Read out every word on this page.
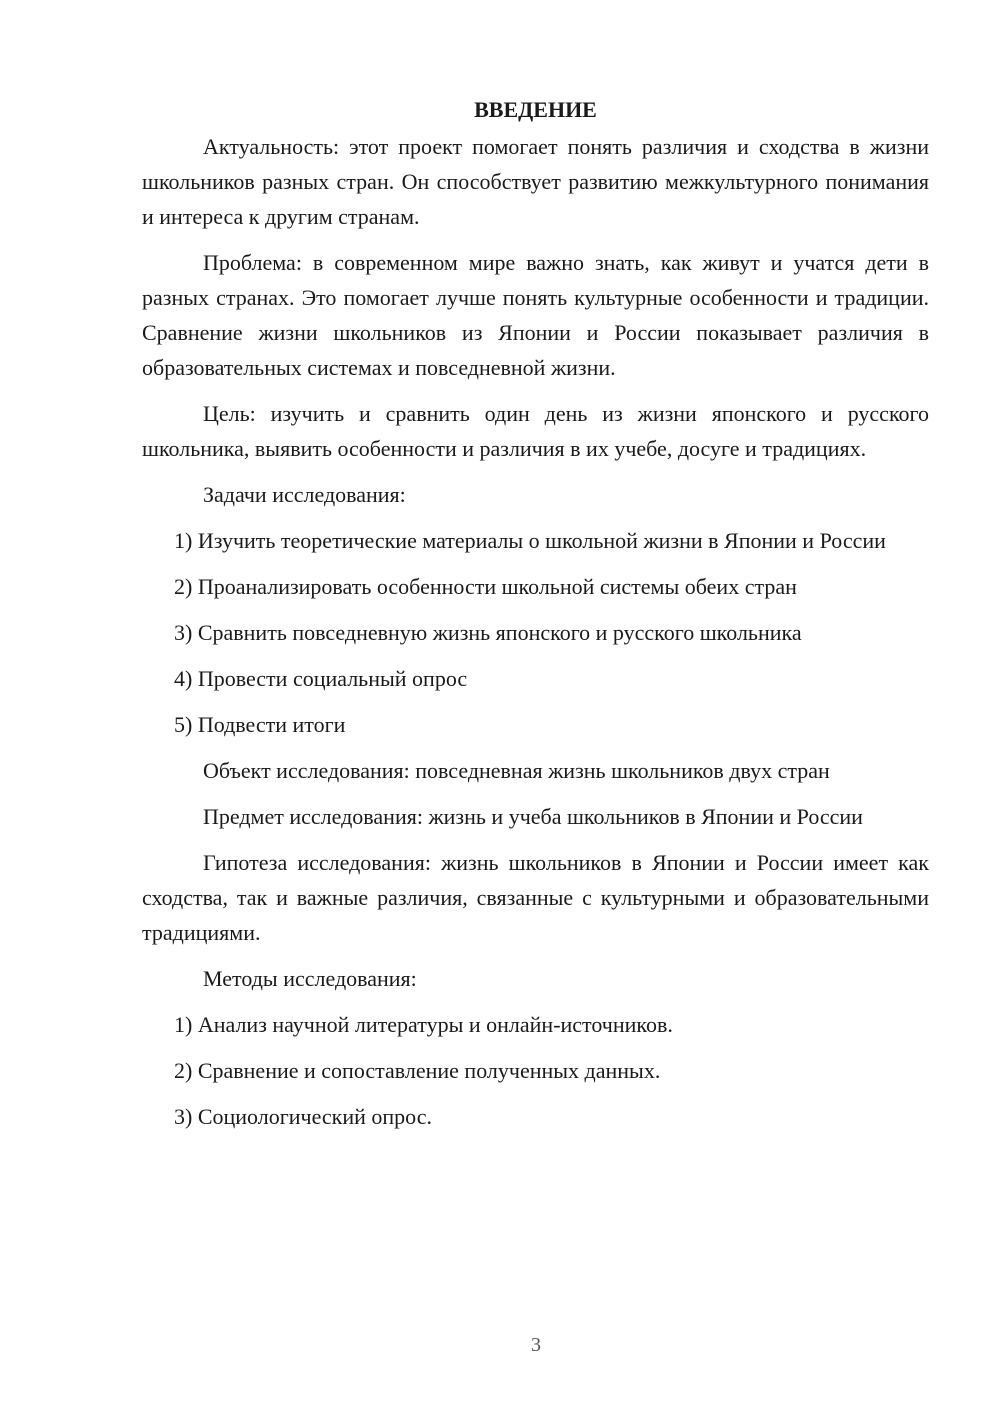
ВВЕДЕНИЕ

Актуальность: этот проект помогает понять различия и сходства в жизни школьников разных стран. Он способствует развитию межкультурного понимания и интереса к другим странам.

Проблема: в современном мире важно знать, как живут и учатся дети в разных странах. Это помогает лучше понять культурные особенности и традиции. Сравнение жизни школьников из Японии и России показывает различия в образовательных системах и повседневной жизни.

Цель: изучить и сравнить один день из жизни японского и русского школьника, выявить особенности и различия в их учебе, досуге и традициях.

Задачи исследования:

1) Изучить теоретические материалы о школьной жизни в Японии и России

2) Проанализировать особенности школьной системы обеих стран

3) Сравнить повседневную жизнь японского и русского школьника

4) Провести социальный опрос

5) Подвести итоги

Объект исследования: повседневная жизнь школьников двух стран

Предмет исследования: жизнь и учеба школьников в Японии и России

Гипотеза исследования: жизнь школьников в Японии и России имеет как сходства, так и важные различия, связанные с культурными и образовательными традициями.

Методы исследования:

1) Анализ научной литературы и онлайн-источников.

2) Сравнение и сопоставление полученных данных.

3) Социологический опрос.

3
